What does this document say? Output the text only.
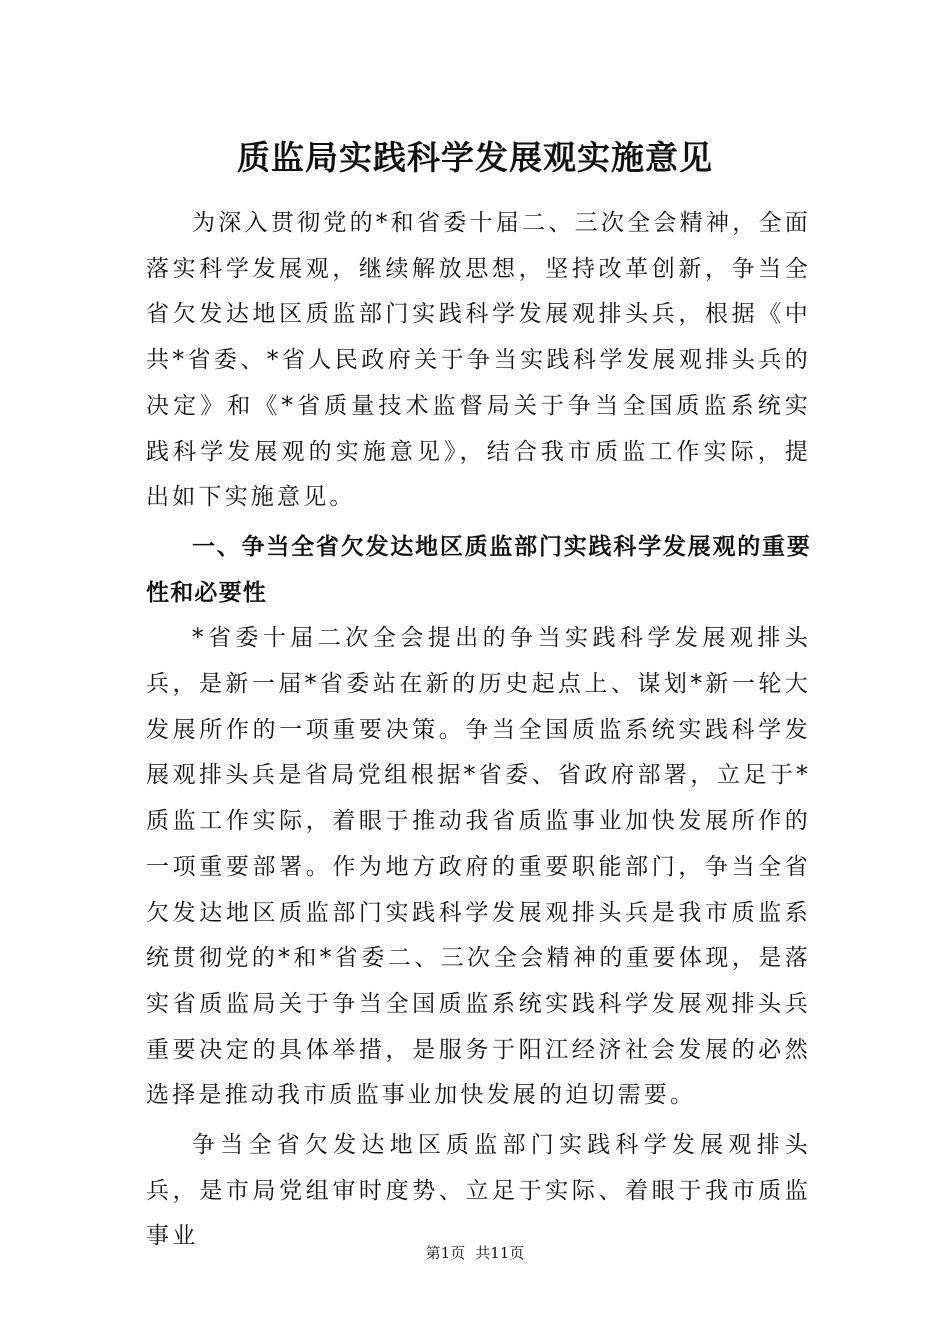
质监局实践科学发展观实施意见

为深入贯彻党的*和省委十届二、三次全会精神，全面落实科学发展观，继续解放思想，坚持改革创新，争当全省欠发达地区质监部门实践科学发展观排头兵，根据《中共*省委、*省人民政府关于争当实践科学发展观排头兵的决定》和《*省质量技术监督局关于争当全国质监系统实践科学发展观的实施意见》，结合我市质监工作实际，提出如下实施意见。

一、争当全省欠发达地区质监部门实践科学发展观的重要性和必要性

*省委十届二次全会提出的争当实践科学发展观排头兵，是新一届*省委站在新的历史起点上、谋划*新一轮大发展所作的一项重要决策。争当全国质监系统实践科学发展观排头兵是省局党组根据*省委、省政府部署，立足于*质监工作实际，着眼于推动我省质监事业加快发展所作的一项重要部署。作为地方政府的重要职能部门，争当全省欠发达地区质监部门实践科学发展观排头兵是我市质监系统贯彻党的*和*省委二、三次全会精神的重要体现，是落实省质监局关于争当全国质监系统实践科学发展观排头兵重要决定的具体举措，是服务于阳江经济社会发展的必然选择是推动我市质监事业加快发展的迫切需要。

争当全省欠发达地区质监部门实践科学发展观排头兵，是市局党组审时度势、立足于实际、着眼于我市质监事业

第1页 共11页
